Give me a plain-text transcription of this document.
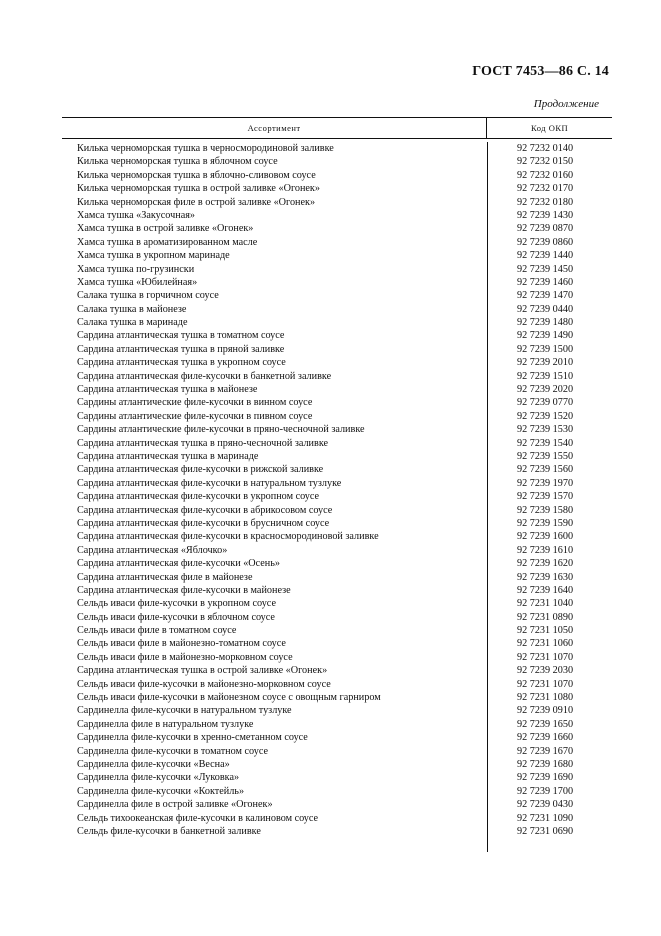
ГОСТ 7453—86 С. 14
Продолжение
Ассортимент	Код ОКП
Килька черноморская тушка в черносмородиновой заливке	92 7232 0140
Килька черноморская тушка в яблочном соусе	92 7232 0150
Килька черноморская тушка в яблочно-сливовом соусе	92 7232 0160
Килька черноморская тушка в острой заливке «Огонек»	92 7232 0170
Килька черноморская филе в острой заливке «Огонек»	92 7232 0180
Хамса тушка «Закусочная»	92 7239 1430
Хамса тушка в острой заливке «Огонек»	92 7239 0870
Хамса тушка в ароматизированном масле	92 7239 0860
Хамса тушка в укропном маринаде	92 7239 1440
Хамса тушка по-грузински	92 7239 1450
Хамса тушка «Юбилейная»	92 7239 1460
Салака тушка в горчичном соусе	92 7239 1470
Салака тушка в майонезе	92 7239 0440
Салака тушка в маринаде	92 7239 1480
Сардина атлантическая тушка в томатном соусе	92 7239 1490
Сардина атлантическая тушка в пряной заливке	92 7239 1500
Сардина атлантическая тушка в укропном соусе	92 7239 2010
Сардина атлантическая филе-кусочки в банкетной заливке	92 7239 1510
Сардина атлантическая тушка в майонезе	92 7239 2020
Сардины атлантические филе-кусочки в винном соусе	92 7239 0770
Сардины атлантические филе-кусочки в пивном соусе	92 7239 1520
Сардины атлантические филе-кусочки в пряно-чесночной заливке	92 7239 1530
Сардина атлантическая тушка в пряно-чесночной заливке	92 7239 1540
Сардина атлантическая тушка в маринаде	92 7239 1550
Сардина атлантическая филе-кусочки в рижской заливке	92 7239 1560
Сардина атлантическая филе-кусочки в натуральном тузлуке	92 7239 1970
Сардина атлантическая филе-кусочки в укропном соусе	92 7239 1570
Сардина атлантическая филе-кусочки в абрикосовом соусе	92 7239 1580
Сардина атлантическая филе-кусочки в брусничном соусе	92 7239 1590
Сардина атлантическая филе-кусочки в красносмородиновой заливке	92 7239 1600
Сардина атлантическая «Яблочко»	92 7239 1610
Сардина атлантическая филе-кусочки «Осень»	92 7239 1620
Сардина атлантическая филе в майонезе	92 7239 1630
Сардина атлантическая филе-кусочки в майонезе	92 7239 1640
Сельдь иваси филе-кусочки в укропном соусе	92 7231 1040
Сельдь иваси филе-кусочки в яблочном соусе	92 7231 0890
Сельдь иваси филе в томатном соусе	92 7231 1050
Сельдь иваси филе в майонезно-томатном соусе	92 7231 1060
Сельдь иваси филе в майонезно-морковном соусе	92 7231 1070
Сардина атлантическая тушка в острой заливке «Огонек»	92 7239 2030
Сельдь иваси филе-кусочки в майонезно-морковном соусе	92 7231 1070
Сельдь иваси филе-кусочки в майонезном соусе с овощным гарниром	92 7231 1080
Сардинелла филе-кусочки в натуральном тузлуке	92 7239 0910
Сардинелла филе в натуральном тузлуке	92 7239 1650
Сардинелла филе-кусочки в хренно-сметанном соусе	92 7239 1660
Сардинелла филе-кусочки в томатном соусе	92 7239 1670
Сардинелла филе-кусочки «Весна»	92 7239 1680
Сардинелла филе-кусочки «Луковка»	92 7239 1690
Сардинелла филе-кусочки «Коктейль»	92 7239 1700
Сардинелла филе в острой заливке «Огонек»	92 7239 0430
Сельдь тихоокеанская филе-кусочки в калиновом соусе	92 7231 1090
Сельдь филе-кусочки в банкетной заливке	92 7231 0690
